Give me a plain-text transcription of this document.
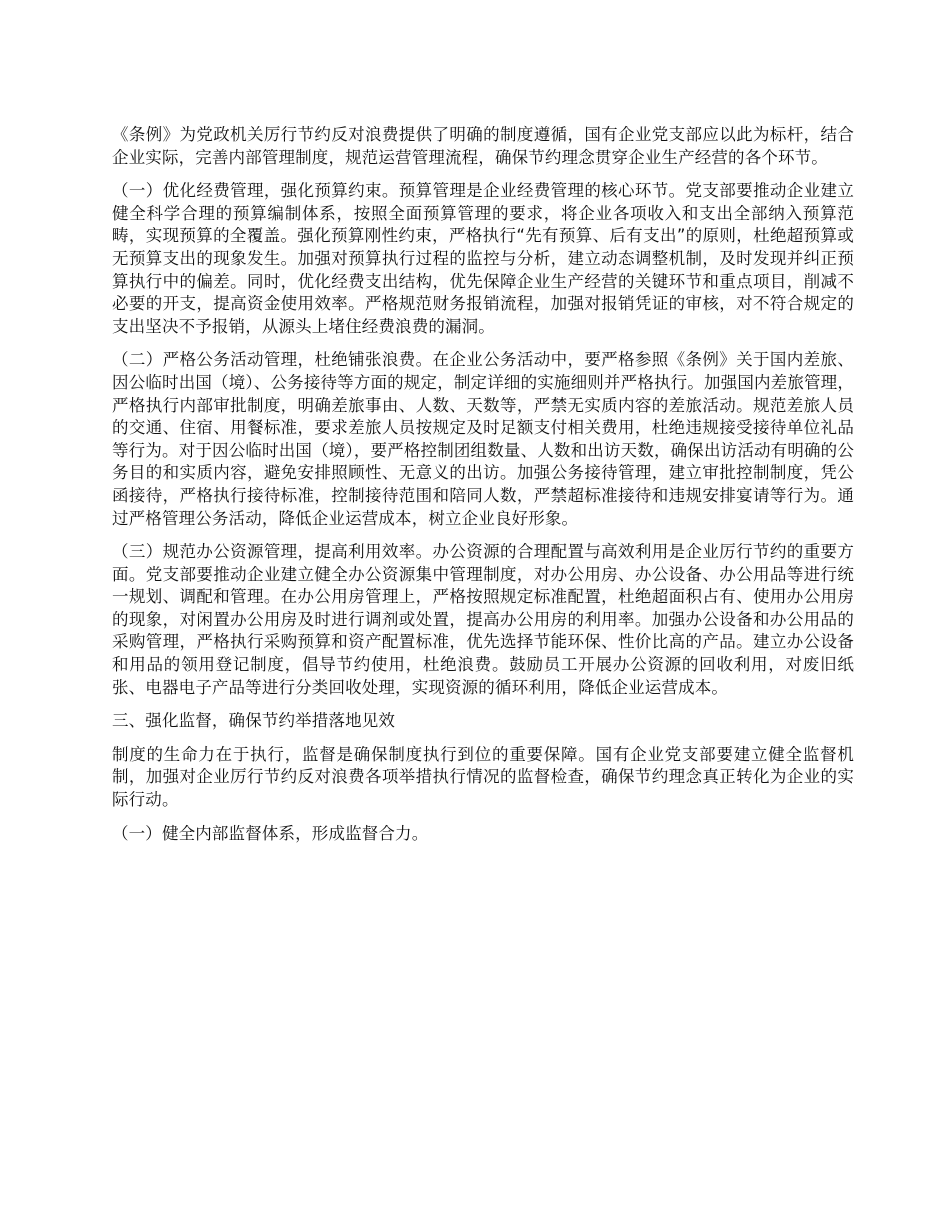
《条例》为党政机关厉行节约反对浪费提供了明确的制度遵循，国有企业党支部应以此为标杆，结合企业实际，完善内部管理制度，规范运营管理流程，确保节约理念贯穿企业生产经营的各个环节。

（一）优化经费管理，强化预算约束。预算管理是企业经费管理的核心环节。党支部要推动企业建立健全科学合理的预算编制体系，按照全面预算管理的要求，将企业各项收入和支出全部纳入预算范畴，实现预算的全覆盖。强化预算刚性约束，严格执行“先有预算、后有支出”的原则，杜绝超预算或无预算支出的现象发生。加强对预算执行过程的监控与分析，建立动态调整机制，及时发现并纠正预算执行中的偏差。同时，优化经费支出结构，优先保障企业生产经营的关键环节和重点项目，削减不必要的开支，提高资金使用效率。严格规范财务报销流程，加强对报销凭证的审核，对不符合规定的支出坚决不予报销，从源头上堵住经费浪费的漏洞。

（二）严格公务活动管理，杜绝铺张浪费。在企业公务活动中，要严格参照《条例》关于国内差旅、因公临时出国（境）、公务接待等方面的规定，制定详细的实施细则并严格执行。加强国内差旅管理，严格执行内部审批制度，明确差旅事由、人数、天数等，严禁无实质内容的差旅活动。规范差旅人员的交通、住宿、用餐标准，要求差旅人员按规定及时足额支付相关费用，杜绝违规接受接待单位礼品等行为。对于因公临时出国（境），要严格控制团组数量、人数和出访天数，确保出访活动有明确的公务目的和实质内容，避免安排照顾性、无意义的出访。加强公务接待管理，建立审批控制制度，凭公函接待，严格执行接待标准，控制接待范围和陪同人数，严禁超标准接待和违规安排宴请等行为。通过严格管理公务活动，降低企业运营成本，树立企业良好形象。

（三）规范办公资源管理，提高利用效率。办公资源的合理配置与高效利用是企业厉行节约的重要方面。党支部要推动企业建立健全办公资源集中管理制度，对办公用房、办公设备、办公用品等进行统一规划、调配和管理。在办公用房管理上，严格按照规定标准配置，杜绝超面积占有、使用办公用房的现象，对闲置办公用房及时进行调剂或处置，提高办公用房的利用率。加强办公设备和办公用品的采购管理，严格执行采购预算和资产配置标准，优先选择节能环保、性价比高的产品。建立办公设备和用品的领用登记制度，倡导节约使用，杜绝浪费。鼓励员工开展办公资源的回收利用，对废旧纸张、电器电子产品等进行分类回收处理，实现资源的循环利用，降低企业运营成本。

三、强化监督，确保节约举措落地见效

制度的生命力在于执行，监督是确保制度执行到位的重要保障。国有企业党支部要建立健全监督机制，加强对企业厉行节约反对浪费各项举措执行情况的监督检查，确保节约理念真正转化为企业的实际行动。

（一）健全内部监督体系，形成监督合力。
